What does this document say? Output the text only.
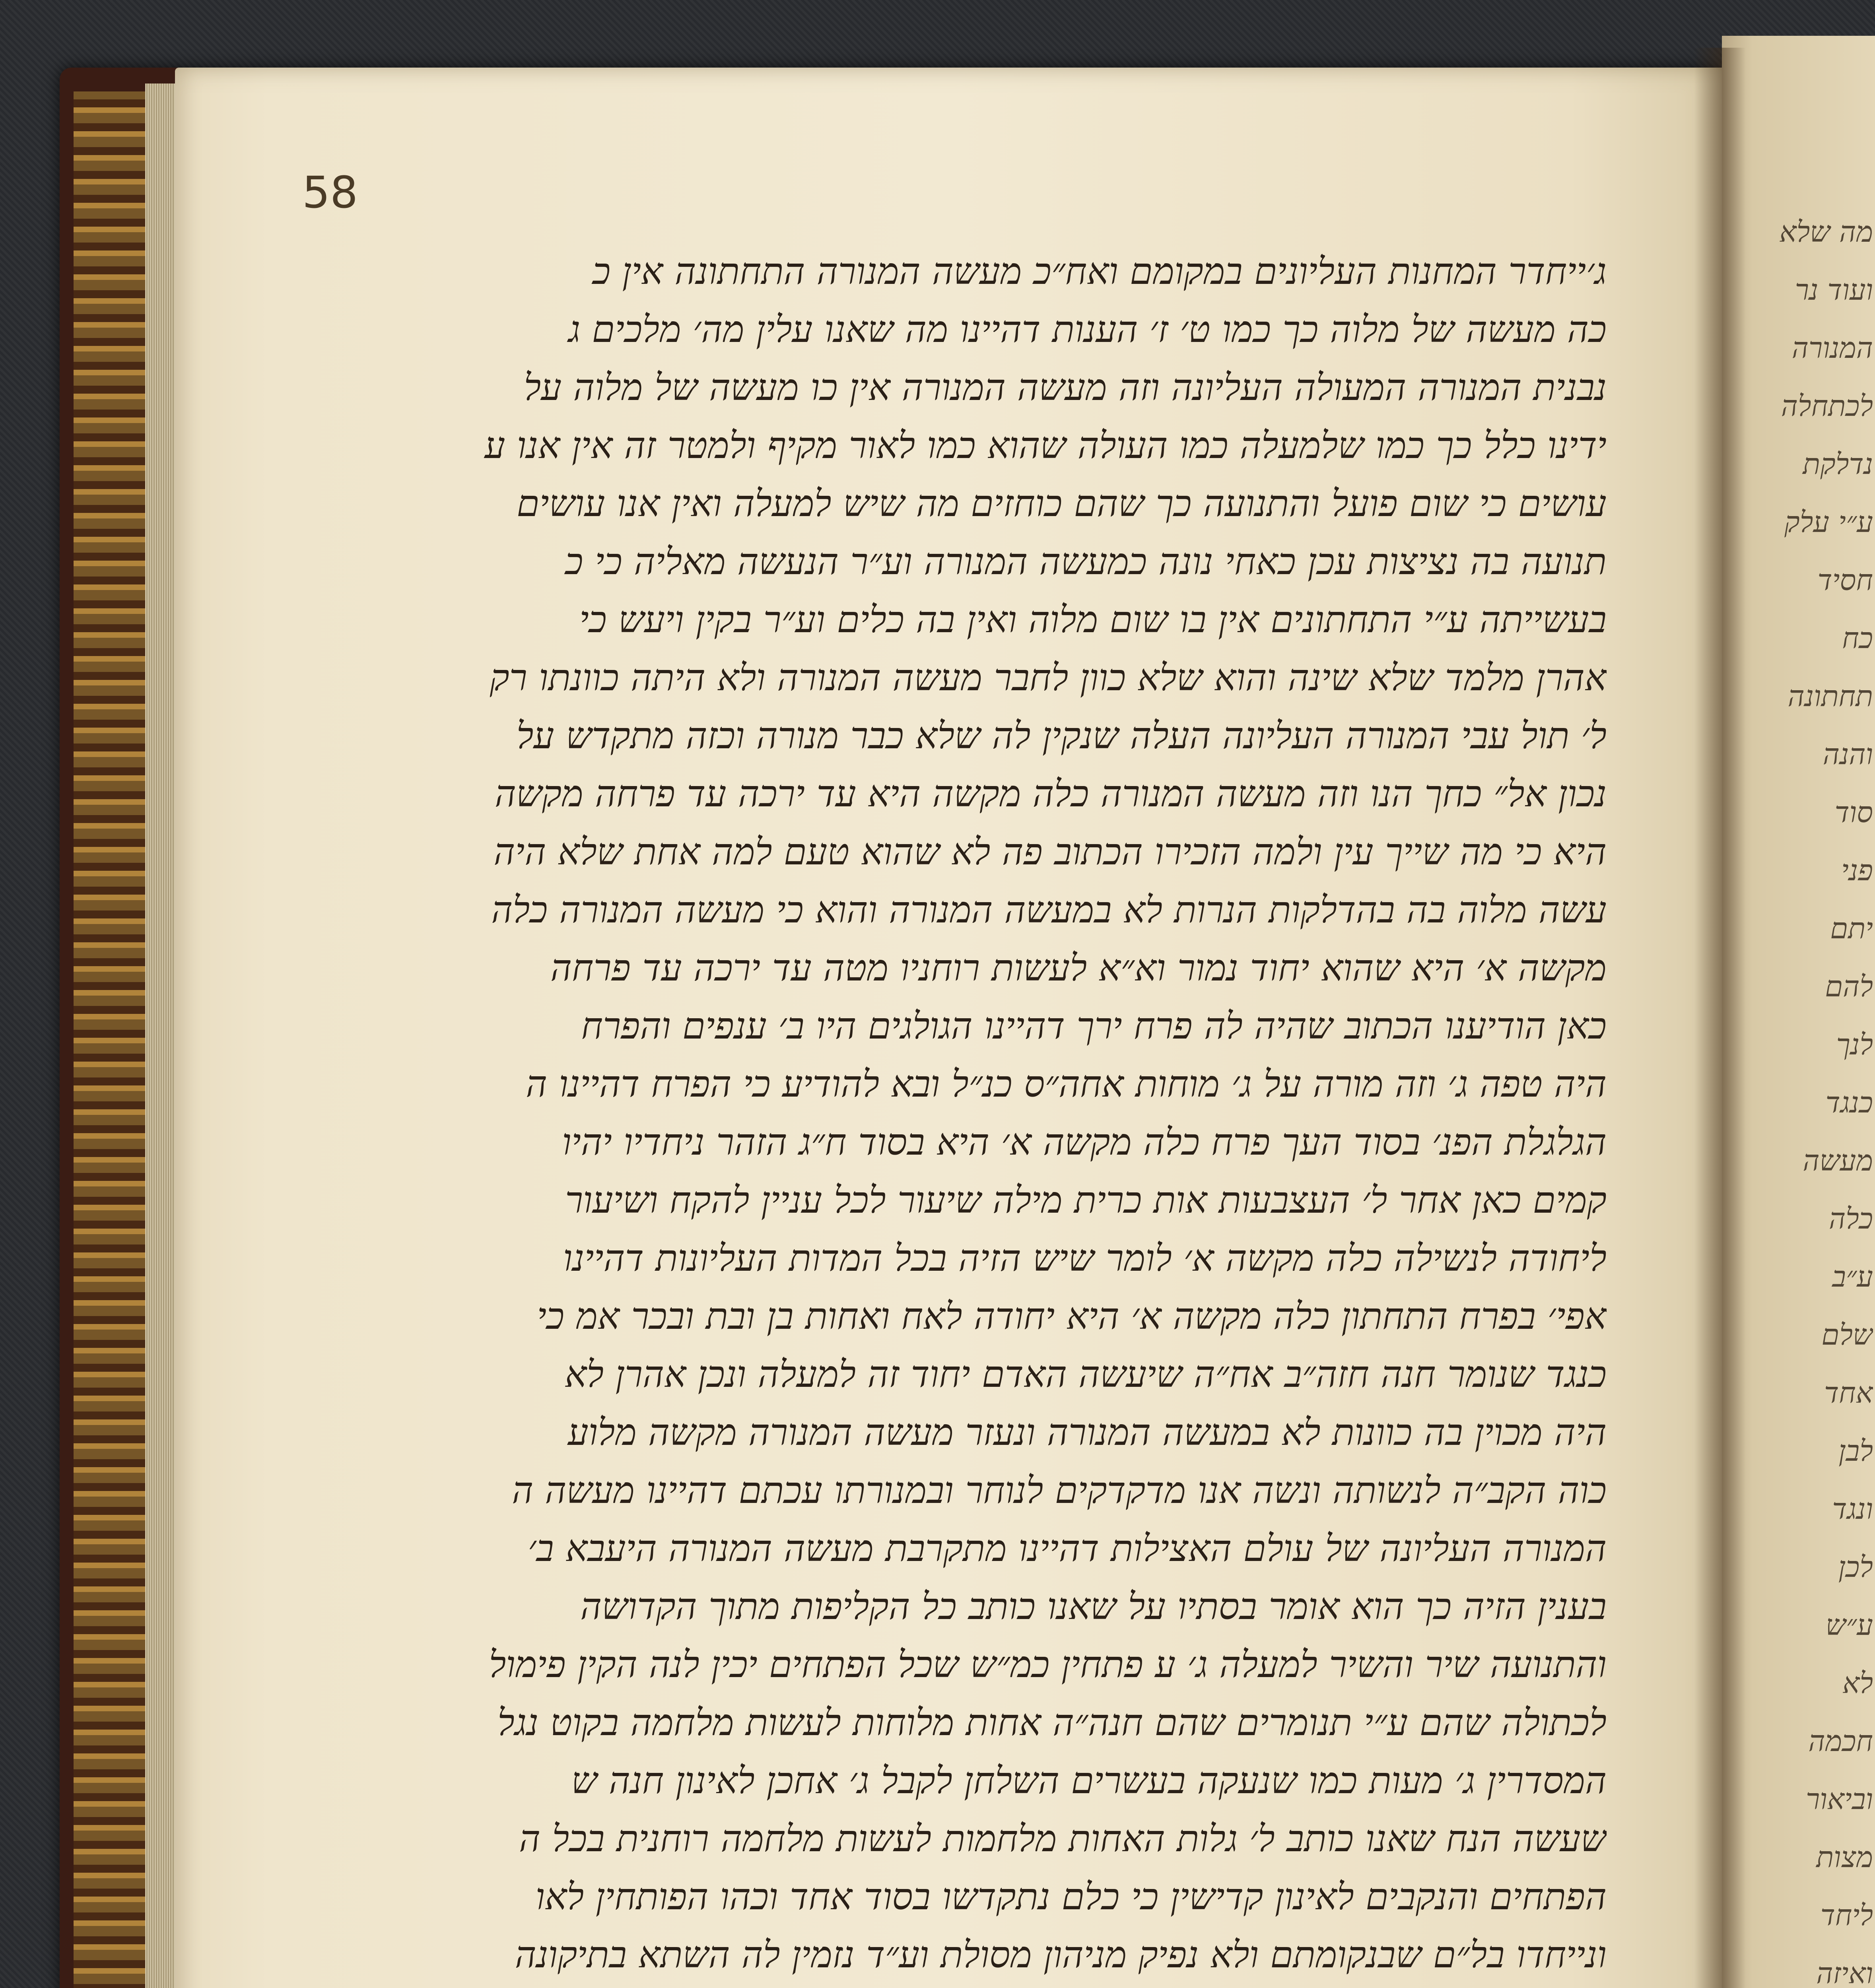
מה שלא
ועוד נר
המנורה
לכתחלה
נדלקת
ע״י עלק
חסיד
כח
תחתונה
והנה
סוד
פני
יתם
להם
לנך
כנגד
מעשה
כלה
ע״ב
שלם
אחד
לבן
ונגד
לכן
ע״ש
לא
חכמה
וביאור
מצות
ליחד
ואיזה
58
ג׳ייחדר המחנות העליונים במקומם ואח״כ מעשה המנורה התחתונה אין כ
כה מעשה של מלוה כך כמו ט׳ ז׳ הענות דהיינו מה שאנו עלין מה׳ מלכים ג
נבנית המנורה המעולה העליונה וזה מעשה המנורה אין כו מעשה של מלוה על
ידינו כלל כך כמו שלמעלה כמו העולה שהוא כמו לאור מקיף ולמטר זה אין אנו ע
עושים כי שום פועל והתנועה כך שהם כוחזים מה שיש למעלה ואין אנו עושים
תנועה בה נציצות עכן כאחי נונה כמעשה המנורה וע״ר הנעשה מאליה כי כ
בעשייתה ע״י התחתונים אין בו שום מלוה ואין בה כלים וע״ר בקין ויעש כי
אהרן מלמד שלא שינה והוא שלא כוון לחבר מעשה המנורה ולא היתה כוונתו רק
ל׳ תול עבי המנורה העליונה העלה שנקין לה שלא כבר מנורה וכזה מתקדש על
נכון אל״ כחך הנו וזה מעשה המנורה כלה מקשה היא עד ירכה עד פרחה מקשה
היא כי מה שייך עין ולמה הזכירו הכתוב פה לא שהוא טעם למה אחת שלא היה
עשה מלוה בה בהדלקות הנרות לא במעשה המנורה והוא כי מעשה המנורה כלה
מקשה א׳ היא שהוא יחוד נמור וא״א לעשות רוחניו מטה עד ירכה עד פרחה
כאן הודיענו הכתוב שהיה לה פרח ירך דהיינו הגולגים היו ב׳ ענפים והפרח
היה טפה ג׳ וזה מורה על ג׳ מוחות אחה״ס כנ״ל ובא להודיע כי הפרח דהיינו ה
הגלגלת הפנ׳ בסוד העך פרח כלה מקשה א׳ היא בסוד ח״ג הזהר ניחדיו יהיו
קמים כאן אחר ל׳ העצבעות אות כרית מילה שיעור לכל עניין להקח ושיעור
ליחודה לנשילה כלה מקשה א׳ לומר שיש הזיה בכל המדות העליונות דהיינו
אפי׳ בפרח התחתון כלה מקשה א׳ היא יחודה לאח ואחות בן ובת ובכר אמ כי
כנגד שנומר חנה חזה״ב אח״ה שיעשה האדם יחוד זה למעלה ונכן אהרן לא
היה מכוין בה כוונות לא במעשה המנורה ונעזר מעשה המנורה מקשה מלוע
כוה הקב״ה לנשותה ונשה אנו מדקדקים לנוחר ובמנורתו עכתם דהיינו מעשה ה
המנורה העליונה של עולם האצילות דהיינו מתקרבת מעשה המנורה היעבא ב׳
בענין הזיה כך הוא אומר בסתיו על שאנו כותב כל הקליפות מתוך הקדושה
והתנועה שיר והשיר למעלה ג׳ ע פתחין כמ״ש שכל הפתחים יכין לנה הקין פימול
לכתולה שהם ע״י תנומרים שהם חנה״ה אחות מלוחות לעשות מלחמה בקוט נגל
המסדרין ג׳ מעות כמו שנעקה בעשרים השלחן לקבל ג׳ אחכן לאינון חנה ש
שעשה הנח שאנו כותב ל׳ גלות האחות מלחמות לעשות מלחמה רוחנית בכל ה
הפתחים והנקבים לאינון קדישין כי כלם נתקדשו בסוד אחד וכהו הפותחין לאו
ונייחדו בל״ם שבנקומתם ולא נפיק מניהון מסולת וע״ד נזמין לה השתא בתיקונה
